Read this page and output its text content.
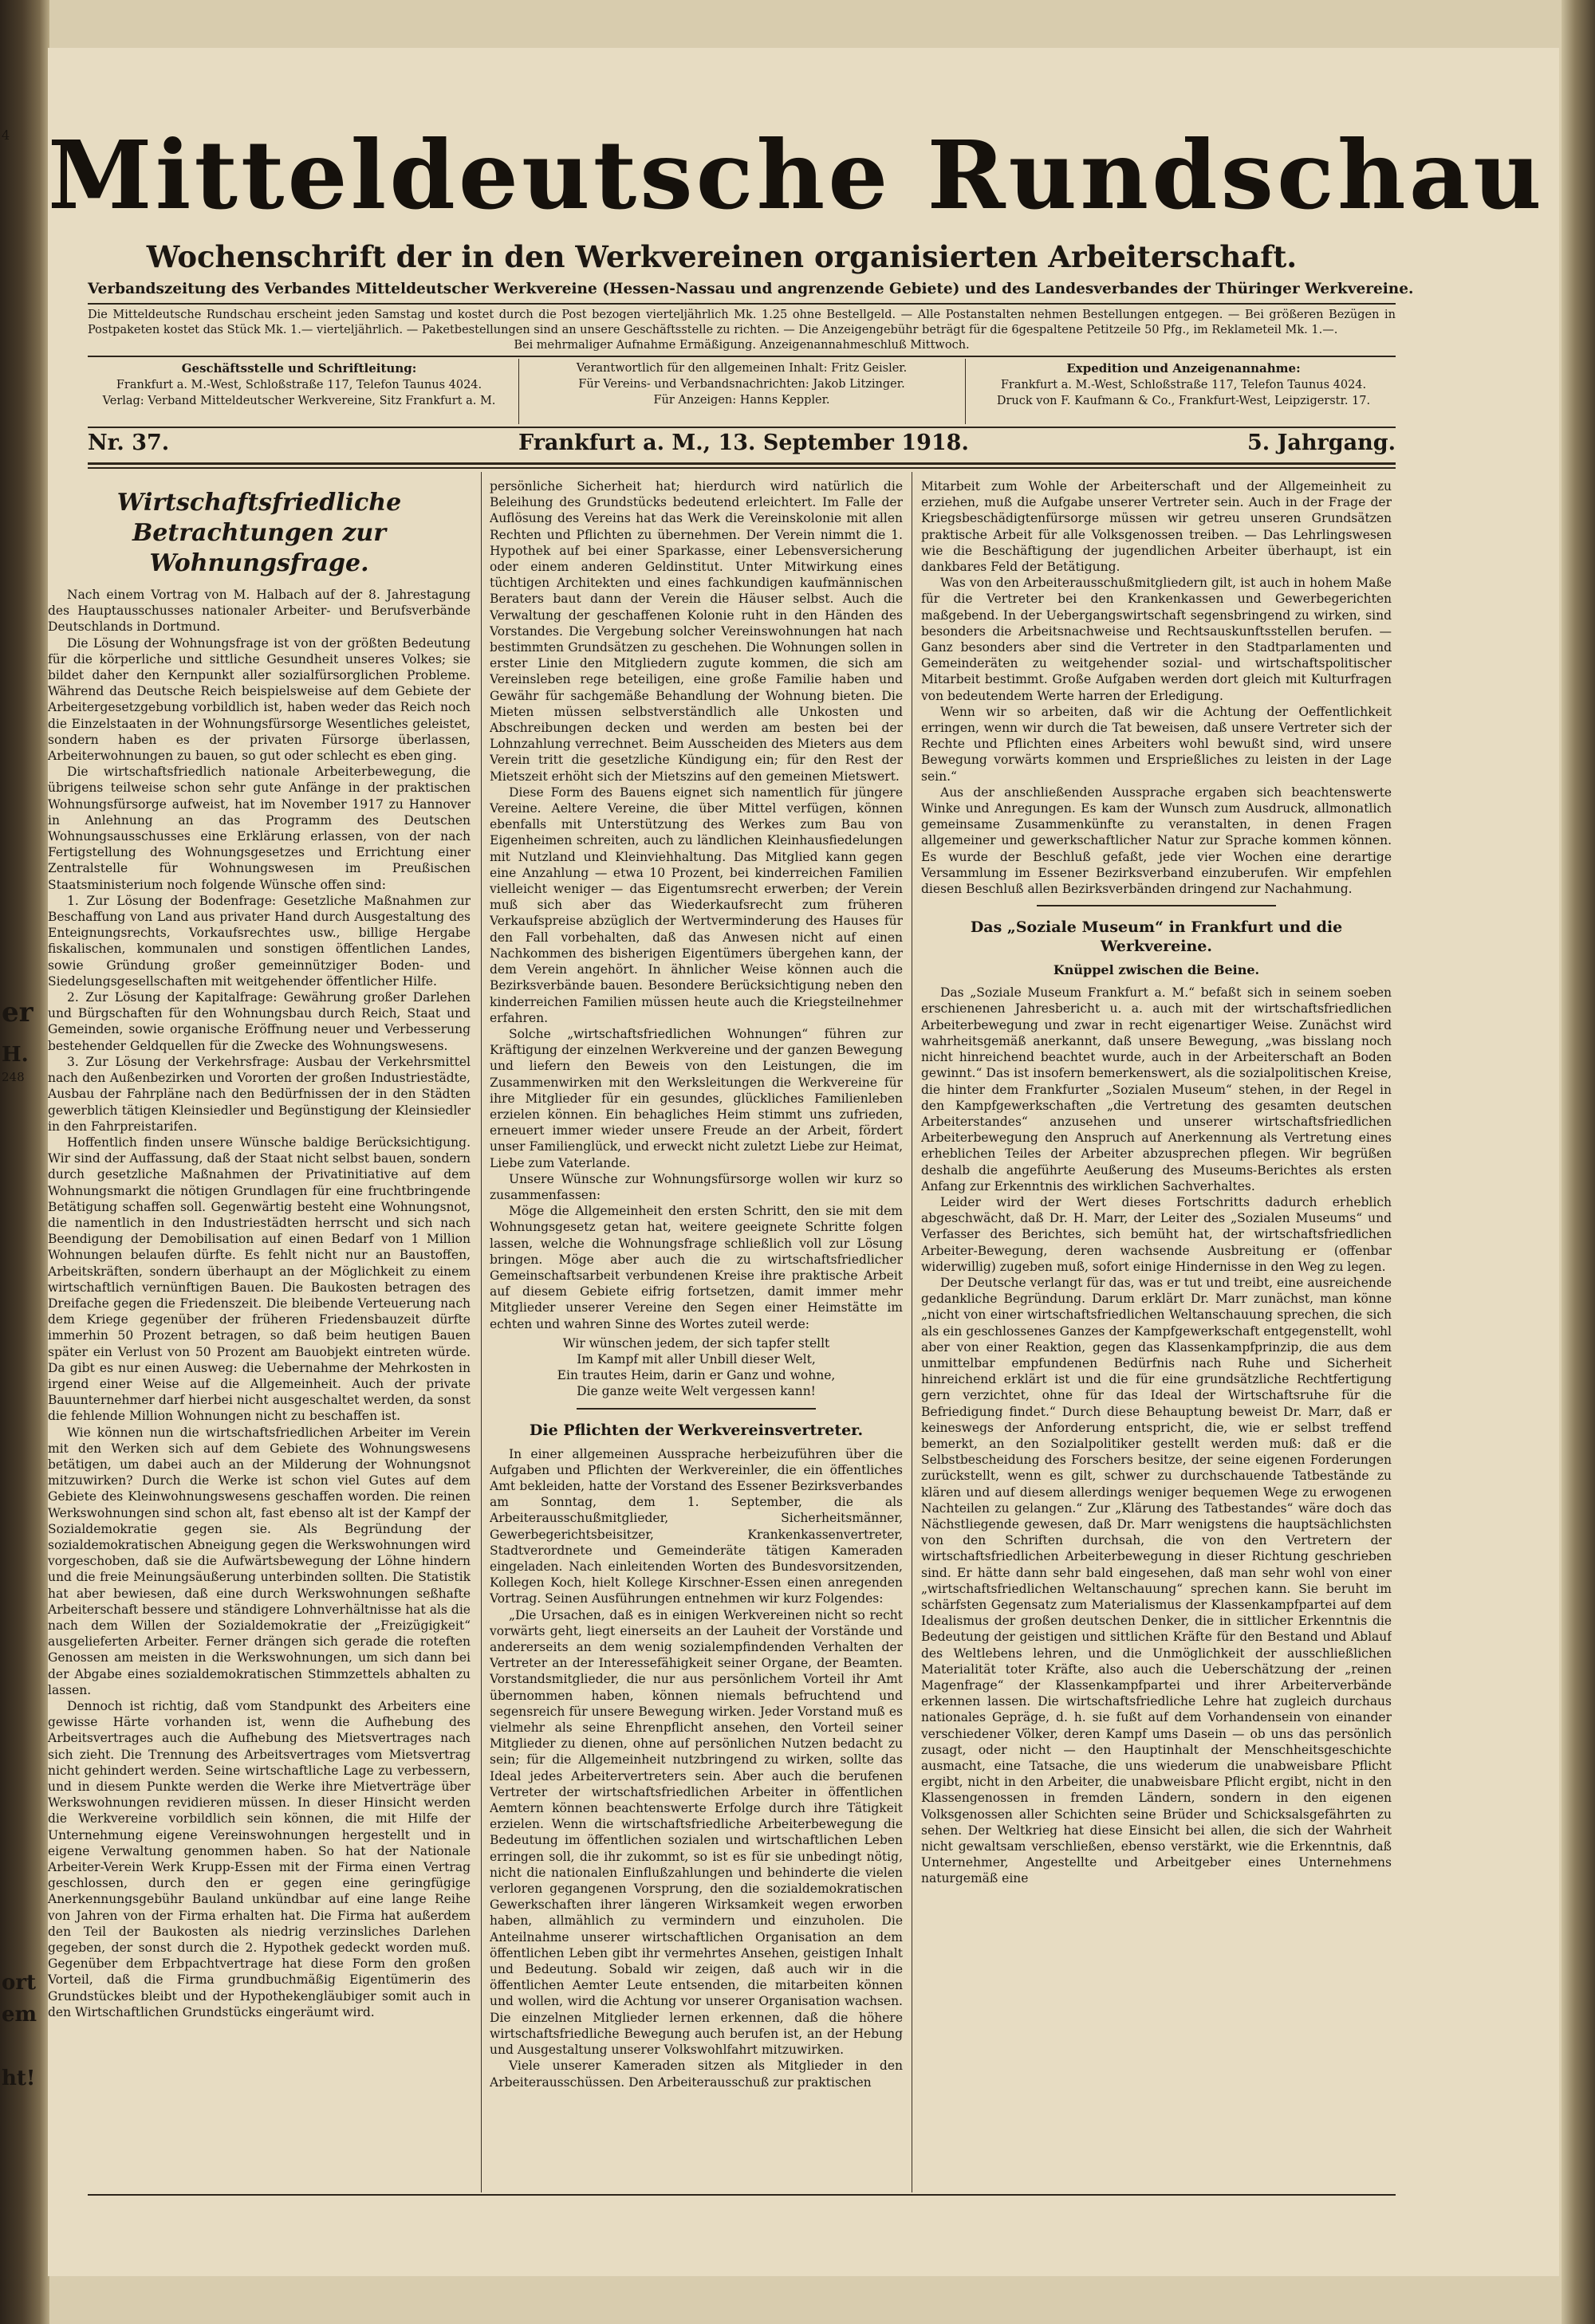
4
er
H.
248
ort
em
ht!
Mitteldeutsche Rundschau
Wochenschrift der in den Werkvereinen organisierten Arbeiterschaft.
Verbandszeitung des Verbandes Mitteldeutscher Werkvereine (Hessen-Nassau und angrenzende Gebiete) und des Landesverbandes der Thüringer Werkvereine.

Die Mitteldeutsche Rundschau erscheint jeden Samstag und kostet durch die Post bezogen vierteljährlich Mk. 1.25 ohne Bestellgeld. — Alle Postanstalten nehmen Bestellungen entgegen. — Bei größeren Bezügen in Postpaketen kostet das Stück Mk. 1.— vierteljährlich. — Paketbestellungen sind an unsere Geschäftsstelle zu richten. — Die Anzeigengebühr beträgt für die 6gespaltene Petitzeile 50 Pfg., im Reklameteil Mk. 1.—.

Bei mehrmaliger Aufnahme Ermäßigung. Anzeigenannahmeschluß Mittwoch.

Geschäftsstelle und Schriftleitung:
Frankfurt a. M.-West, Schloßstraße 117, Telefon Taunus 4024.
Verlag: Verband Mitteldeutscher Werkvereine, Sitz Frankfurt a. M.
Verantwortlich für den allgemeinen Inhalt: Fritz Geisler.
Für Vereins- und Verbandsnachrichten: Jakob Litzinger.
Für Anzeigen: Hanns Keppler.
Expedition und Anzeigenannahme:
Frankfurt a. M.-West, Schloßstraße 117, Telefon Taunus 4024.
Druck von F. Kaufmann & Co., Frankfurt-West, Leipzigerstr. 17.
Nr. 37.	Frankfurt a. M., 13. September 1918.	5. Jahrgang.
Wirtschaftsfriedliche Betrachtungen zur Wohnungsfrage.

Nach einem Vortrag von M. Halbach auf der 8. Jahrestagung des Hauptausschusses nationaler Arbeiter- und Berufsverbände Deutschlands in Dortmund.

Die Lösung der Wohnungsfrage ist von der größten Bedeutung für die körperliche und sittliche Gesundheit unseres Volkes; sie bildet daher den Kernpunkt aller sozialfürsorglichen Probleme. Während das Deutsche Reich beispielsweise auf dem Gebiete der Arbeitergesetzgebung vorbildlich ist, haben weder das Reich noch die Einzelstaaten in der Wohnungsfürsorge Wesentliches geleistet, sondern haben es der privaten Fürsorge überlassen, Arbeiterwohnungen zu bauen, so gut oder schlecht es eben ging.

Die wirtschaftsfriedlich nationale Arbeiterbewegung, die übrigens teilweise schon sehr gute Anfänge in der praktischen Wohnungsfürsorge aufweist, hat im November 1917 zu Hannover in Anlehnung an das Programm des Deutschen Wohnungsausschusses eine Erklärung erlassen, von der nach Fertigstellung des Wohnungsgesetzes und Errichtung einer Zentralstelle für Wohnungswesen im Preußischen Staatsministerium noch folgende Wünsche offen sind:

1. Zur Lösung der Bodenfrage: Gesetzliche Maßnahmen zur Beschaffung von Land aus privater Hand durch Ausgestaltung des Enteignungsrechts, Vorkaufsrechtes usw., billige Hergabe fiskalischen, kommunalen und sonstigen öffentlichen Landes, sowie Gründung großer gemeinnütziger Boden- und Siedelungsgesellschaften mit weitgehender öffentlicher Hilfe.

2. Zur Lösung der Kapitalfrage: Gewährung großer Darlehen und Bürgschaften für den Wohnungsbau durch Reich, Staat und Gemeinden, sowie organische Eröffnung neuer und Verbesserung bestehender Geldquellen für die Zwecke des Wohnungswesens.

3. Zur Lösung der Verkehrsfrage: Ausbau der Verkehrsmittel nach den Außenbezirken und Vororten der großen Industriestädte, Ausbau der Fahrpläne nach den Bedürfnissen der in den Städten gewerblich tätigen Kleinsiedler und Begünstigung der Kleinsiedler in den Fahrpreistarifen.

Hoffentlich finden unsere Wünsche baldige Berücksichtigung. Wir sind der Auffassung, daß der Staat nicht selbst bauen, sondern durch gesetzliche Maßnahmen der Privatinitiative auf dem Wohnungsmarkt die nötigen Grundlagen für eine fruchtbringende Betätigung schaffen soll. Gegenwärtig besteht eine Wohnungsnot, die namentlich in den Industriestädten herrscht und sich nach Beendigung der Demobilisation auf einen Bedarf von 1 Million Wohnungen belaufen dürfte. Es fehlt nicht nur an Baustoffen, Arbeitskräften, sondern überhaupt an der Möglichkeit zu einem wirtschaftlich vernünftigen Bauen. Die Baukosten betragen des Dreifache gegen die Friedenszeit. Die bleibende Verteuerung nach dem Kriege gegenüber der früheren Friedensbauzeit dürfte immerhin 50 Prozent betragen, so daß beim heutigen Bauen später ein Verlust von 50 Prozent am Bauobjekt eintreten würde. Da gibt es nur einen Ausweg: die Uebernahme der Mehrkosten in irgend einer Weise auf die Allgemeinheit. Auch der private Bauunternehmer darf hierbei nicht ausgeschaltet werden, da sonst die fehlende Million Wohnungen nicht zu beschaffen ist.

Wie können nun die wirtschaftsfriedlichen Arbeiter im Verein mit den Werken sich auf dem Gebiete des Wohnungswesens betätigen, um dabei auch an der Milderung der Wohnungsnot mitzuwirken? Durch die Werke ist schon viel Gutes auf dem Gebiete des Kleinwohnungswesens geschaffen worden. Die reinen Werkswohnungen sind schon alt, fast ebenso alt ist der Kampf der Sozialdemokratie gegen sie. Als Begründung der sozialdemokratischen Abneigung gegen die Werkswohnungen wird vorgeschoben, daß sie die Aufwärtsbewegung der Löhne hindern und die freie Meinungsäußerung unterbinden sollten. Die Statistik hat aber bewiesen, daß eine durch Werkswohnungen seßhafte Arbeiterschaft bessere und ständigere Lohnverhältnisse hat als die nach dem Willen der Sozialdemokratie der „Freizügigkeit“ ausgelieferten Arbeiter. Ferner drängen sich gerade die roteften Genossen am meisten in die Werkswohnungen, um sich dann bei der Abgabe eines sozialdemokratischen Stimmzettels abhalten zu lassen.

Dennoch ist richtig, daß vom Standpunkt des Arbeiters eine gewisse Härte vorhanden ist, wenn die Aufhebung des Arbeitsvertrages auch die Aufhebung des Mietsvertrages nach sich zieht. Die Trennung des Arbeitsvertrages vom Mietsvertrag nicht gehindert werden. Seine wirtschaftliche Lage zu verbessern, und in diesem Punkte werden die Werke ihre Mietverträge über Werkswohnungen revidieren müssen. In dieser Hinsicht werden die Werkvereine vorbildlich sein können, die mit Hilfe der Unternehmung eigene Vereinswohnungen hergestellt und in eigene Verwaltung genommen haben. So hat der Nationale Arbeiter-Verein Werk Krupp-Essen mit der Firma einen Vertrag geschlossen, durch den er gegen eine geringfügige Anerkennungsgebühr Bauland unkündbar auf eine lange Reihe von Jahren von der Firma erhalten hat. Die Firma hat außerdem den Teil der Baukosten als niedrig verzinsliches Darlehen gegeben, der sonst durch die 2. Hypothek gedeckt worden muß. Gegenüber dem Erbpachtvertrage hat diese Form den großen Vorteil, daß die Firma grundbuchmäßig Eigentümerin des Grundstückes bleibt und der Hypothekengläubiger somit auch in den Wirtschaftlichen Grundstücks eingeräumt wird.

persönliche Sicherheit hat; hierdurch wird natürlich die Beleihung des Grundstücks bedeutend erleichtert. Im Falle der Auflösung des Vereins hat das Werk die Vereinskolonie mit allen Rechten und Pflichten zu übernehmen. Der Verein nimmt die 1. Hypothek auf bei einer Sparkasse, einer Lebensversicherung oder einem anderen Geldinstitut. Unter Mitwirkung eines tüchtigen Architekten und eines fachkundigen kaufmännischen Beraters baut dann der Verein die Häuser selbst. Auch die Verwaltung der geschaffenen Kolonie ruht in den Händen des Vorstandes. Die Vergebung solcher Vereinswohnungen hat nach bestimmten Grundsätzen zu geschehen. Die Wohnungen sollen in erster Linie den Mitgliedern zugute kommen, die sich am Vereinsleben rege beteiligen, eine große Familie haben und Gewähr für sachgemäße Behandlung der Wohnung bieten. Die Mieten müssen selbstverständlich alle Unkosten und Abschreibungen decken und werden am besten bei der Lohnzahlung verrechnet. Beim Ausscheiden des Mieters aus dem Verein tritt die gesetzliche Kündigung ein; für den Rest der Mietszeit erhöht sich der Mietszins auf den gemeinen Mietswert.

Diese Form des Bauens eignet sich namentlich für jüngere Vereine. Aeltere Vereine, die über Mittel verfügen, können ebenfalls mit Unterstützung des Werkes zum Bau von Eigenheimen schreiten, auch zu ländlichen Kleinhausfiedelungen mit Nutzland und Kleinviehhaltung. Das Mitglied kann gegen eine Anzahlung — etwa 10 Prozent, bei kinderreichen Familien vielleicht weniger — das Eigentumsrecht erwerben; der Verein muß sich aber das Wiederkaufsrecht zum früheren Verkaufspreise abzüglich der Wertverminderung des Hauses für den Fall vorbehalten, daß das Anwesen nicht auf einen Nachkommen des bisherigen Eigentümers übergehen kann, der dem Verein angehört. In ähnlicher Weise können auch die Bezirksverbände bauen. Besondere Berücksichtigung neben den kinderreichen Familien müssen heute auch die Kriegsteilnehmer erfahren.

Solche „wirtschaftsfriedlichen Wohnungen“ führen zur Kräftigung der einzelnen Werkvereine und der ganzen Bewegung und liefern den Beweis von den Leistungen, die im Zusammenwirken mit den Werksleitungen die Werkvereine für ihre Mitglieder für ein gesundes, glückliches Familienleben erzielen können. Ein behagliches Heim stimmt uns zufrieden, erneuert immer wieder unsere Freude an der Arbeit, fördert unser Familienglück, und erweckt nicht zuletzt Liebe zur Heimat, Liebe zum Vaterlande.

Unsere Wünsche zur Wohnungsfürsorge wollen wir kurz so zusammenfassen:

Möge die Allgemeinheit den ersten Schritt, den sie mit dem Wohnungsgesetz getan hat, weitere geeignete Schritte folgen lassen, welche die Wohnungsfrage schließlich voll zur Lösung bringen. Möge aber auch die zu wirtschaftsfriedlicher Gemeinschaftsarbeit verbundenen Kreise ihre praktische Arbeit auf diesem Gebiete eifrig fortsetzen, damit immer mehr Mitglieder unserer Vereine den Segen einer Heimstätte im echten und wahren Sinne des Wortes zuteil werde:

Wir wünschen jedem, der sich tapfer stellt

Im Kampf mit aller Unbill dieser Welt,

Ein trautes Heim, darin er Ganz und wohne,

Die ganze weite Welt vergessen kann!

Die Pflichten der Werkvereinsvertreter.

In einer allgemeinen Aussprache herbeizuführen über die Aufgaben und Pflichten der Werkvereinler, die ein öffentliches Amt bekleiden, hatte der Vorstand des Essener Bezirksverbandes am Sonntag, dem 1. September, die als Arbeiterausschußmitglieder, Sicherheitsmänner, Gewerbegerichtsbeisitzer, Krankenkassenvertreter, Stadtverordnete und Gemeinderäte tätigen Kameraden eingeladen. Nach einleitenden Worten des Bundesvorsitzenden, Kollegen Koch, hielt Kollege Kirschner-Essen einen anregenden Vortrag. Seinen Ausführungen entnehmen wir kurz Folgendes:

„Die Ursachen, daß es in einigen Werkvereinen nicht so recht vorwärts geht, liegt einerseits an der Lauheit der Vorstände und andererseits an dem wenig sozialempfindenden Verhalten der Vertreter an der Interessefähigkeit seiner Organe, der Beamten. Vorstandsmitglieder, die nur aus persönlichem Vorteil ihr Amt übernommen haben, können niemals befruchtend und segensreich für unsere Bewegung wirken. Jeder Vorstand muß es vielmehr als seine Ehrenpflicht ansehen, den Vorteil seiner Mitglieder zu dienen, ohne auf persönlichen Nutzen bedacht zu sein; für die Allgemeinheit nutzbringend zu wirken, sollte das Ideal jedes Arbeitervertreters sein. Aber auch die berufenen Vertreter der wirtschaftsfriedlichen Arbeiter in öffentlichen Aemtern können beachtenswerte Erfolge durch ihre Tätigkeit erzielen. Wenn die wirtschaftsfriedliche Arbeiterbewegung die Bedeutung im öffentlichen sozialen und wirtschaftlichen Leben erringen soll, die ihr zukommt, so ist es für sie unbedingt nötig, nicht die nationalen Einflußzahlungen und behinderte die vielen verloren gegangenen Vorsprung, den die sozialdemokratischen Gewerkschaften ihrer längeren Wirksamkeit wegen erworben haben, allmählich zu vermindern und einzuholen. Die Anteilnahme unserer wirtschaftlichen Organisation an dem öffentlichen Leben gibt ihr vermehrtes Ansehen, geistigen Inhalt und Bedeutung. Sobald wir zeigen, daß auch wir in die öffentlichen Aemter Leute entsenden, die mitarbeiten können und wollen, wird die Achtung vor unserer Organisation wachsen. Die einzelnen Mitglieder lernen erkennen, daß die höhere wirtschaftsfriedliche Bewegung auch berufen ist, an der Hebung und Ausgestaltung unserer Volkswohlfahrt mitzuwirken.

Viele unserer Kameraden sitzen als Mitglieder in den Arbeiterausschüssen. Den Arbeiterausschuß zur praktischen

Mitarbeit zum Wohle der Arbeiterschaft und der Allgemeinheit zu erziehen, muß die Aufgabe unserer Vertreter sein. Auch in der Frage der Kriegsbeschädigtenfürsorge müssen wir getreu unseren Grundsätzen praktische Arbeit für alle Volksgenossen treiben. — Das Lehrlingswesen wie die Beschäftigung der jugendlichen Arbeiter überhaupt, ist ein dankbares Feld der Betätigung.

Was von den Arbeiterausschußmitgliedern gilt, ist auch in hohem Maße für die Vertreter bei den Krankenkassen und Gewerbegerichten maßgebend. In der Uebergangswirtschaft segensbringend zu wirken, sind besonders die Arbeitsnachweise und Rechtsauskunftsstellen berufen. — Ganz besonders aber sind die Vertreter in den Stadtparlamenten und Gemeinderäten zu weitgehender sozial- und wirtschaftspolitischer Mitarbeit bestimmt. Große Aufgaben werden dort gleich mit Kulturfragen von bedeutendem Werte harren der Erledigung.

Wenn wir so arbeiten, daß wir die Achtung der Oeffentlichkeit erringen, wenn wir durch die Tat beweisen, daß unsere Vertreter sich der Rechte und Pflichten eines Arbeiters wohl bewußt sind, wird unsere Bewegung vorwärts kommen und Ersprießliches zu leisten in der Lage sein.“

Aus der anschließenden Aussprache ergaben sich beachtenswerte Winke und Anregungen. Es kam der Wunsch zum Ausdruck, allmonatlich gemeinsame Zusammenkünfte zu veranstalten, in denen Fragen allgemeiner und gewerkschaftlicher Natur zur Sprache kommen können. Es wurde der Beschluß gefaßt, jede vier Wochen eine derartige Versammlung im Essener Bezirksverband einzuberufen. Wir empfehlen diesen Beschluß allen Bezirksverbänden dringend zur Nachahmung.

Das „Soziale Museum“ in Frankfurt und die Werkvereine.
Knüppel zwischen die Beine.

Das „Soziale Museum Frankfurt a. M.“ befaßt sich in seinem soeben erschienenen Jahresbericht u. a. auch mit der wirtschaftsfriedlichen Arbeiterbewegung und zwar in recht eigenartiger Weise. Zunächst wird wahrheitsgemäß anerkannt, daß unsere Bewegung, „was bisslang noch nicht hinreichend beachtet wurde, auch in der Arbeiterschaft an Boden gewinnt.“ Das ist insofern bemerkenswert, als die sozialpolitischen Kreise, die hinter dem Frankfurter „Sozialen Museum“ stehen, in der Regel in den Kampfgewerkschaften „die Vertretung des gesamten deutschen Arbeiterstandes“ anzusehen und unserer wirtschaftsfriedlichen Arbeiterbewegung den Anspruch auf Anerkennung als Vertretung eines erheblichen Teiles der Arbeiter abzusprechen pflegen. Wir begrüßen deshalb die angeführte Aeußerung des Museums-Berichtes als ersten Anfang zur Erkenntnis des wirklichen Sachverhaltes.

Leider wird der Wert dieses Fortschritts dadurch erheblich abgeschwächt, daß Dr. H. Marr, der Leiter des „Sozialen Museums“ und Verfasser des Berichtes, sich bemüht hat, der wirtschaftsfriedlichen Arbeiter-Bewegung, deren wachsende Ausbreitung er (offenbar widerwillig) zugeben muß, sofort einige Hindernisse in den Weg zu legen.

Der Deutsche verlangt für das, was er tut und treibt, eine ausreichende gedankliche Begründung. Darum erklärt Dr. Marr zunächst, man könne „nicht von einer wirtschaftsfriedlichen Weltanschauung sprechen, die sich als ein geschlossenes Ganzes der Kampfgewerkschaft entgegenstellt, wohl aber von einer Reaktion, gegen das Klassenkampfprinzip, die aus dem unmittelbar empfundenen Bedürfnis nach Ruhe und Sicherheit hinreichend erklärt ist und die für eine grundsätzliche Rechtfertigung gern verzichtet, ohne für das Ideal der Wirtschaftsruhe für die Befriedigung findet.“ Durch diese Behauptung beweist Dr. Marr, daß er keineswegs der Anforderung entspricht, die, wie er selbst treffend bemerkt, an den Sozialpolitiker gestellt werden muß: daß er die Selbstbescheidung des Forschers besitze, der seine eigenen Forderungen zurückstellt, wenn es gilt, schwer zu durchschauende Tatbestände zu klären und auf diesem allerdings weniger bequemen Wege zu erwogenen Nachteilen zu gelangen.“ Zur „Klärung des Tatbestandes“ wäre doch das Nächstliegende gewesen, daß Dr. Marr wenigstens die hauptsächlichsten von den Schriften durchsah, die von den Vertretern der wirtschaftsfriedlichen Arbeiterbewegung in dieser Richtung geschrieben sind. Er hätte dann sehr bald eingesehen, daß man sehr wohl von einer „wirtschaftsfriedlichen Weltanschauung“ sprechen kann. Sie beruht im schärfsten Gegensatz zum Materialismus der Klassenkampfpartei auf dem Idealismus der großen deutschen Denker, die in sittlicher Erkenntnis die Bedeutung der geistigen und sittlichen Kräfte für den Bestand und Ablauf des Weltlebens lehren, und die Unmöglichkeit der ausschließlichen Materialität toter Kräfte, also auch die Ueberschätzung der „reinen Magenfrage“ der Klassenkampfpartei und ihrer Arbeiterverbände erkennen lassen. Die wirtschaftsfriedliche Lehre hat zugleich durchaus nationales Gepräge, d. h. sie fußt auf dem Vorhandensein von einander verschiedener Völker, deren Kampf ums Dasein — ob uns das persönlich zusagt, oder nicht — den Hauptinhalt der Menschheitsgeschichte ausmacht, eine Tatsache, die uns wiederum die unabweisbare Pflicht ergibt, nicht in den Arbeiter, die unabweisbare Pflicht ergibt, nicht in den Klassengenossen in fremden Ländern, sondern in den eigenen Volksgenossen aller Schichten seine Brüder und Schicksalsgefährten zu sehen. Der Weltkrieg hat diese Einsicht bei allen, die sich der Wahrheit nicht gewaltsam verschließen, ebenso verstärkt, wie die Erkenntnis, daß Unternehmer, Angestellte und Arbeitgeber eines Unternehmens naturgemäß eine
